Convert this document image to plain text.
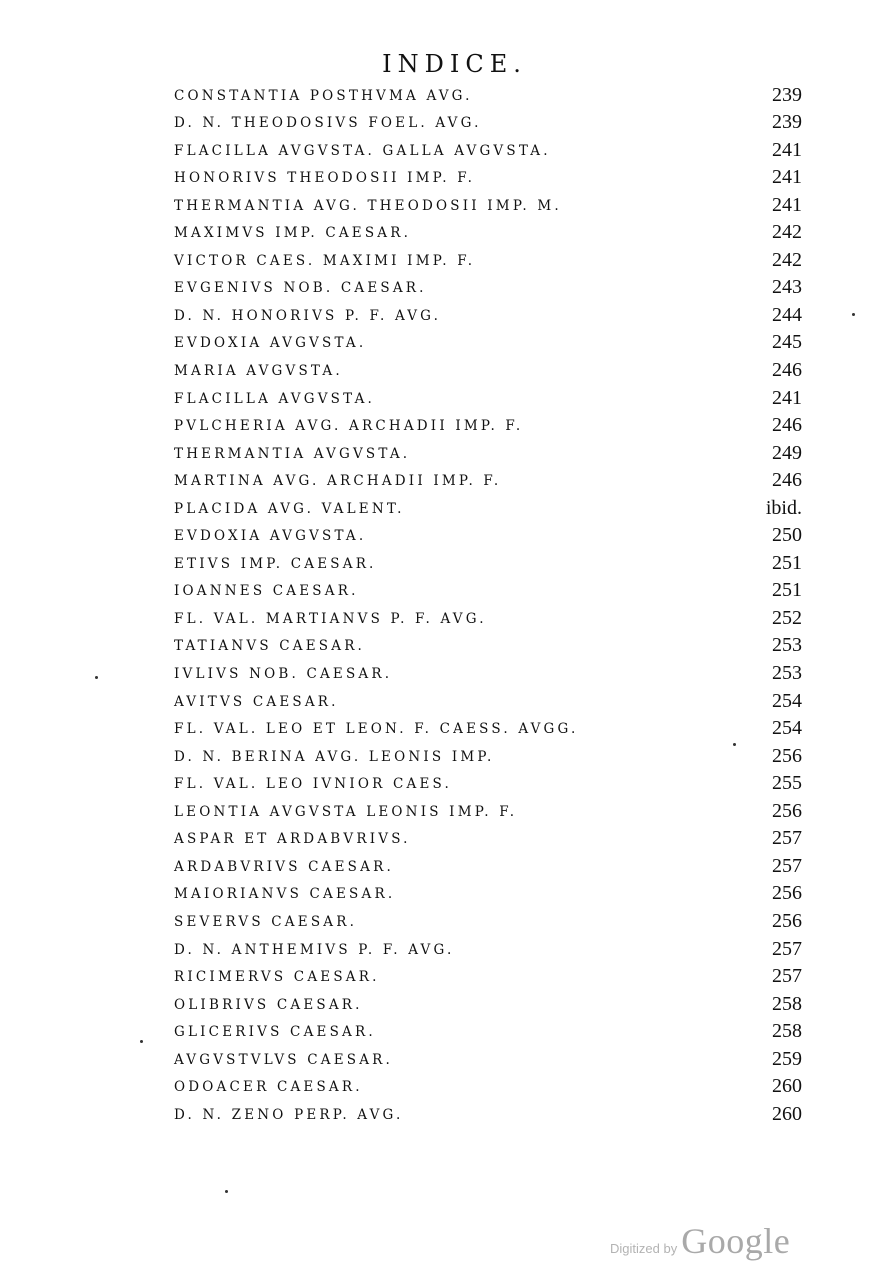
INDICE.
CONSTANTIA POSTHVMA AVG.	239
D. N. THEODOSIVS FOEL. AVG.	239
FLACILLA AVGVSTA. GALLA AVGVSTA.	241
HONORIVS THEODOSII IMP. F.	241
THERMANTIA AVG. THEODOSII IMP. M.	241
MAXIMVS IMP. CAESAR.	242
VICTOR CAES. MAXIMI IMP. F.	242
EVGENIVS NOB. CAESAR.	243
D. N. HONORIVS P. F. AVG.	244
EVDOXIA AVGVSTA.	245
MARIA AVGVSTA.	246
FLACILLA AVGVSTA.	241
PVLCHERIA AVG. ARCHADII IMP. F.	246
THERMANTIA AVGVSTA.	249
MARTINA AVG. ARCHADII IMP. F.	246
PLACIDA AVG. VALENT.	ibid.
EVDOXIA AVGVSTA.	250
ETIVS IMP. CAESAR.	251
IOANNES CAESAR.	251
FL. VAL. MARTIANVS P. F. AVG.	252
TATIANVS CAESAR.	253
IVLIVS NOB. CAESAR.	253
AVITVS CAESAR.	254
FL. VAL. LEO ET LEON. F. CAESS. AVGG.	254
D. N. BERINA AVG. LEONIS IMP.	256
FL. VAL. LEO IVNIOR CAES.	255
LEONTIA AVGVSTA LEONIS IMP. F.	256
ASPAR ET ARDABVRIVS.	257
ARDABVRIVS CAESAR.	257
MAIORIANVS CAESAR.	256
SEVERVS CAESAR.	256
D. N. ANTHEMIVS P. F. AVG.	257
RICIMERVS CAESAR.	257
OLIBRIVS CAESAR.	258
GLICERIVS CAESAR.	258
AVGVSTVLVS CAESAR.	259
ODOACER CAESAR.	260
D. N. ZENO PERP. AVG.	260
Digitized by Google
